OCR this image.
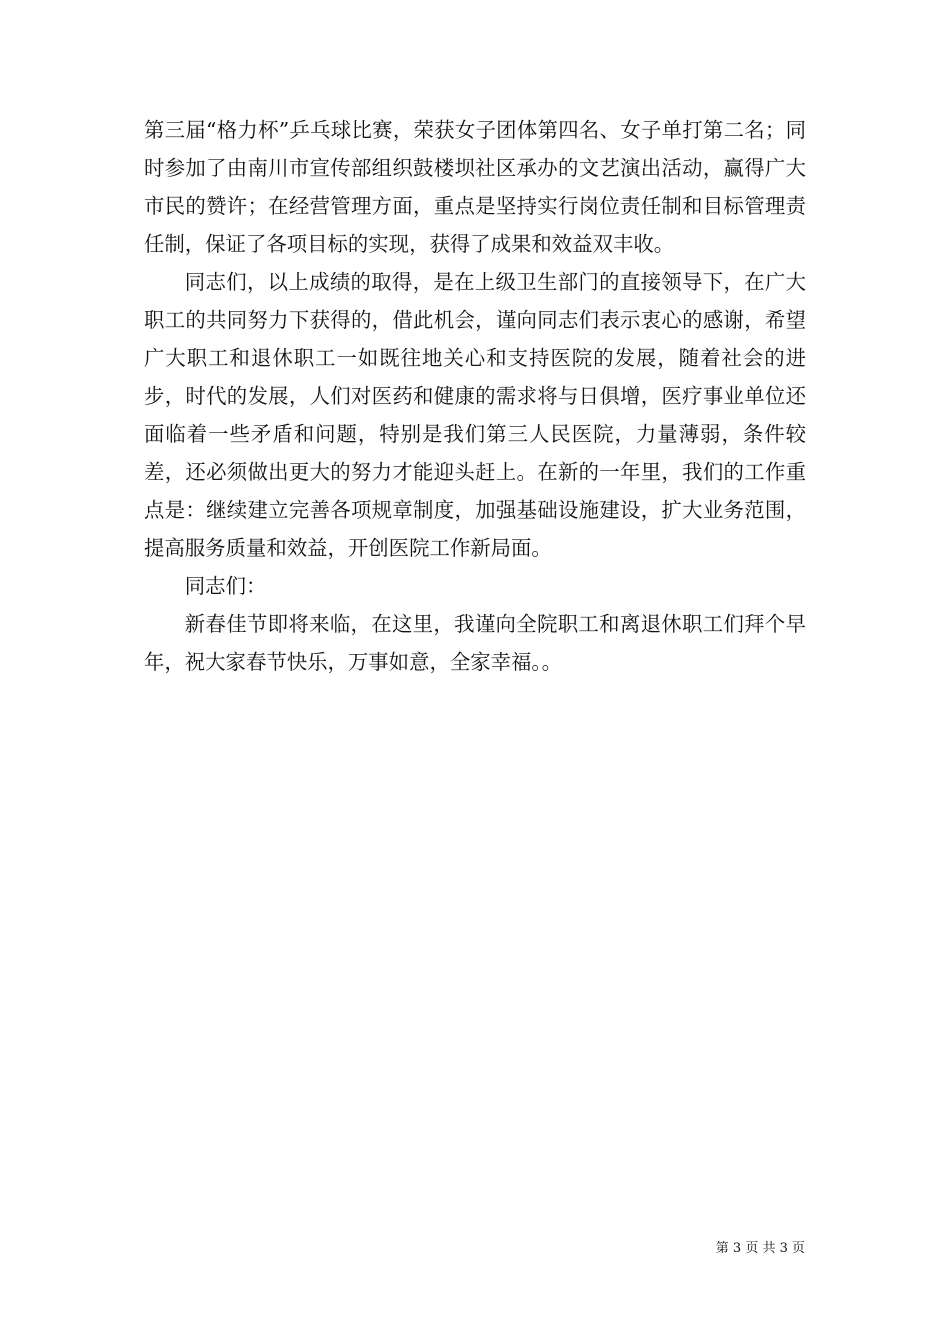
第三届“格力杯”乒乓球比赛，荣获女子团体第四名、女子单打第二名；同时参加了由南川市宣传部组织鼓楼坝社区承办的文艺演出活动，赢得广大市民的赞许；在经营管理方面，重点是坚持实行岗位责任制和目标管理责任制，保证了各项目标的实现，获得了成果和效益双丰收。

同志们，以上成绩的取得，是在上级卫生部门的直接领导下，在广大职工的共同努力下获得的，借此机会，谨向同志们表示衷心的感谢，希望广大职工和退休职工一如既往地关心和支持医院的发展，随着社会的进步，时代的发展，人们对医药和健康的需求将与日俱增，医疗事业单位还面临着一些矛盾和问题，特别是我们第三人民医院，力量薄弱，条件较差，还必须做出更大的努力才能迎头赶上。在新的一年里，我们的工作重点是：继续建立完善各项规章制度，加强基础设施建设，扩大业务范围，提高服务质量和效益，开创医院工作新局面。

同志们：

新春佳节即将来临，在这里，我谨向全院职工和离退休职工们拜个早年，祝大家春节快乐，万事如意，全家幸福。。

第 3 页 共 3 页
